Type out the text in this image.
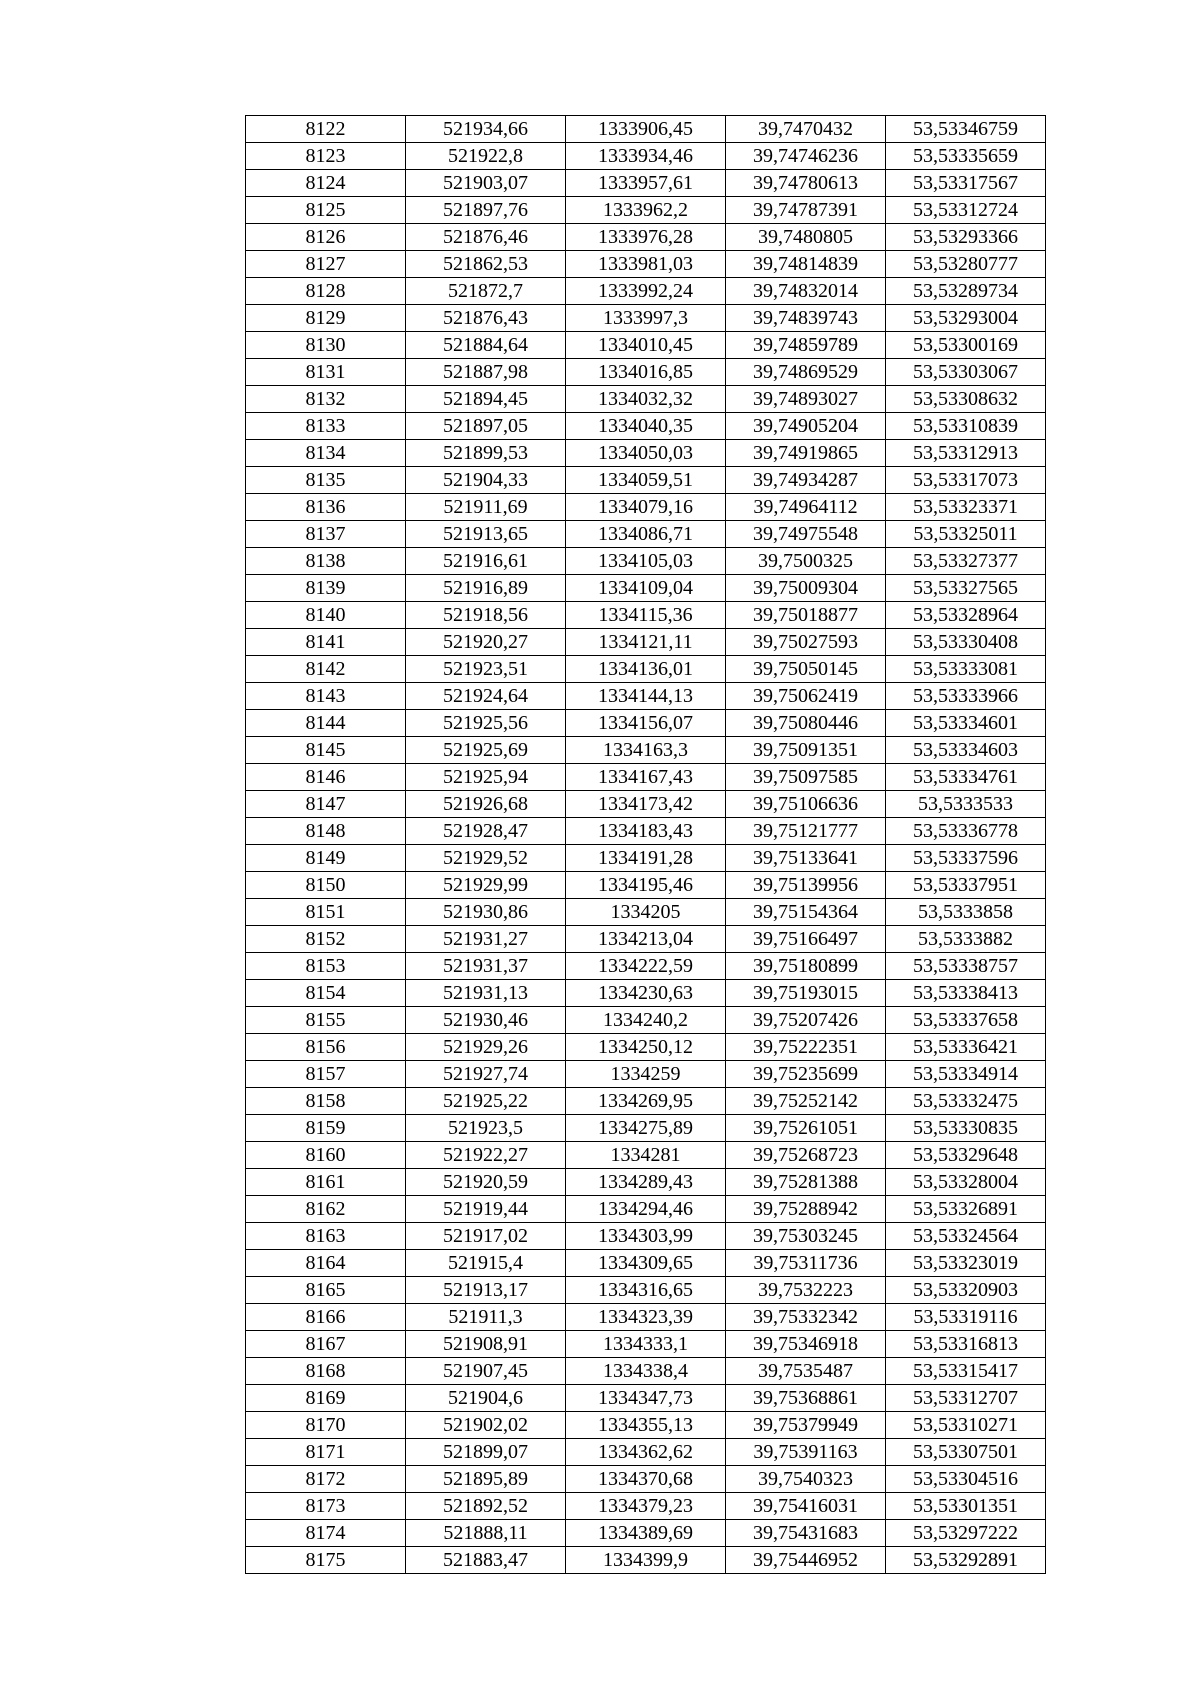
8122	521934,66	1333906,45	39,7470432	53,53346759
8123	521922,8	1333934,46	39,74746236	53,53335659
8124	521903,07	1333957,61	39,74780613	53,53317567
8125	521897,76	1333962,2	39,74787391	53,53312724
8126	521876,46	1333976,28	39,7480805	53,53293366
8127	521862,53	1333981,03	39,74814839	53,53280777
8128	521872,7	1333992,24	39,74832014	53,53289734
8129	521876,43	1333997,3	39,74839743	53,53293004
8130	521884,64	1334010,45	39,74859789	53,53300169
8131	521887,98	1334016,85	39,74869529	53,53303067
8132	521894,45	1334032,32	39,74893027	53,53308632
8133	521897,05	1334040,35	39,74905204	53,53310839
8134	521899,53	1334050,03	39,74919865	53,53312913
8135	521904,33	1334059,51	39,74934287	53,53317073
8136	521911,69	1334079,16	39,74964112	53,53323371
8137	521913,65	1334086,71	39,74975548	53,53325011
8138	521916,61	1334105,03	39,7500325	53,53327377
8139	521916,89	1334109,04	39,75009304	53,53327565
8140	521918,56	1334115,36	39,75018877	53,53328964
8141	521920,27	1334121,11	39,75027593	53,53330408
8142	521923,51	1334136,01	39,75050145	53,53333081
8143	521924,64	1334144,13	39,75062419	53,53333966
8144	521925,56	1334156,07	39,75080446	53,53334601
8145	521925,69	1334163,3	39,75091351	53,53334603
8146	521925,94	1334167,43	39,75097585	53,53334761
8147	521926,68	1334173,42	39,75106636	53,5333533
8148	521928,47	1334183,43	39,75121777	53,53336778
8149	521929,52	1334191,28	39,75133641	53,53337596
8150	521929,99	1334195,46	39,75139956	53,53337951
8151	521930,86	1334205	39,75154364	53,5333858
8152	521931,27	1334213,04	39,75166497	53,5333882
8153	521931,37	1334222,59	39,75180899	53,53338757
8154	521931,13	1334230,63	39,75193015	53,53338413
8155	521930,46	1334240,2	39,75207426	53,53337658
8156	521929,26	1334250,12	39,75222351	53,53336421
8157	521927,74	1334259	39,75235699	53,53334914
8158	521925,22	1334269,95	39,75252142	53,53332475
8159	521923,5	1334275,89	39,75261051	53,53330835
8160	521922,27	1334281	39,75268723	53,53329648
8161	521920,59	1334289,43	39,75281388	53,53328004
8162	521919,44	1334294,46	39,75288942	53,53326891
8163	521917,02	1334303,99	39,75303245	53,53324564
8164	521915,4	1334309,65	39,75311736	53,53323019
8165	521913,17	1334316,65	39,7532223	53,53320903
8166	521911,3	1334323,39	39,75332342	53,53319116
8167	521908,91	1334333,1	39,75346918	53,53316813
8168	521907,45	1334338,4	39,7535487	53,53315417
8169	521904,6	1334347,73	39,75368861	53,53312707
8170	521902,02	1334355,13	39,75379949	53,53310271
8171	521899,07	1334362,62	39,75391163	53,53307501
8172	521895,89	1334370,68	39,7540323	53,53304516
8173	521892,52	1334379,23	39,75416031	53,53301351
8174	521888,11	1334389,69	39,75431683	53,53297222
8175	521883,47	1334399,9	39,75446952	53,53292891
